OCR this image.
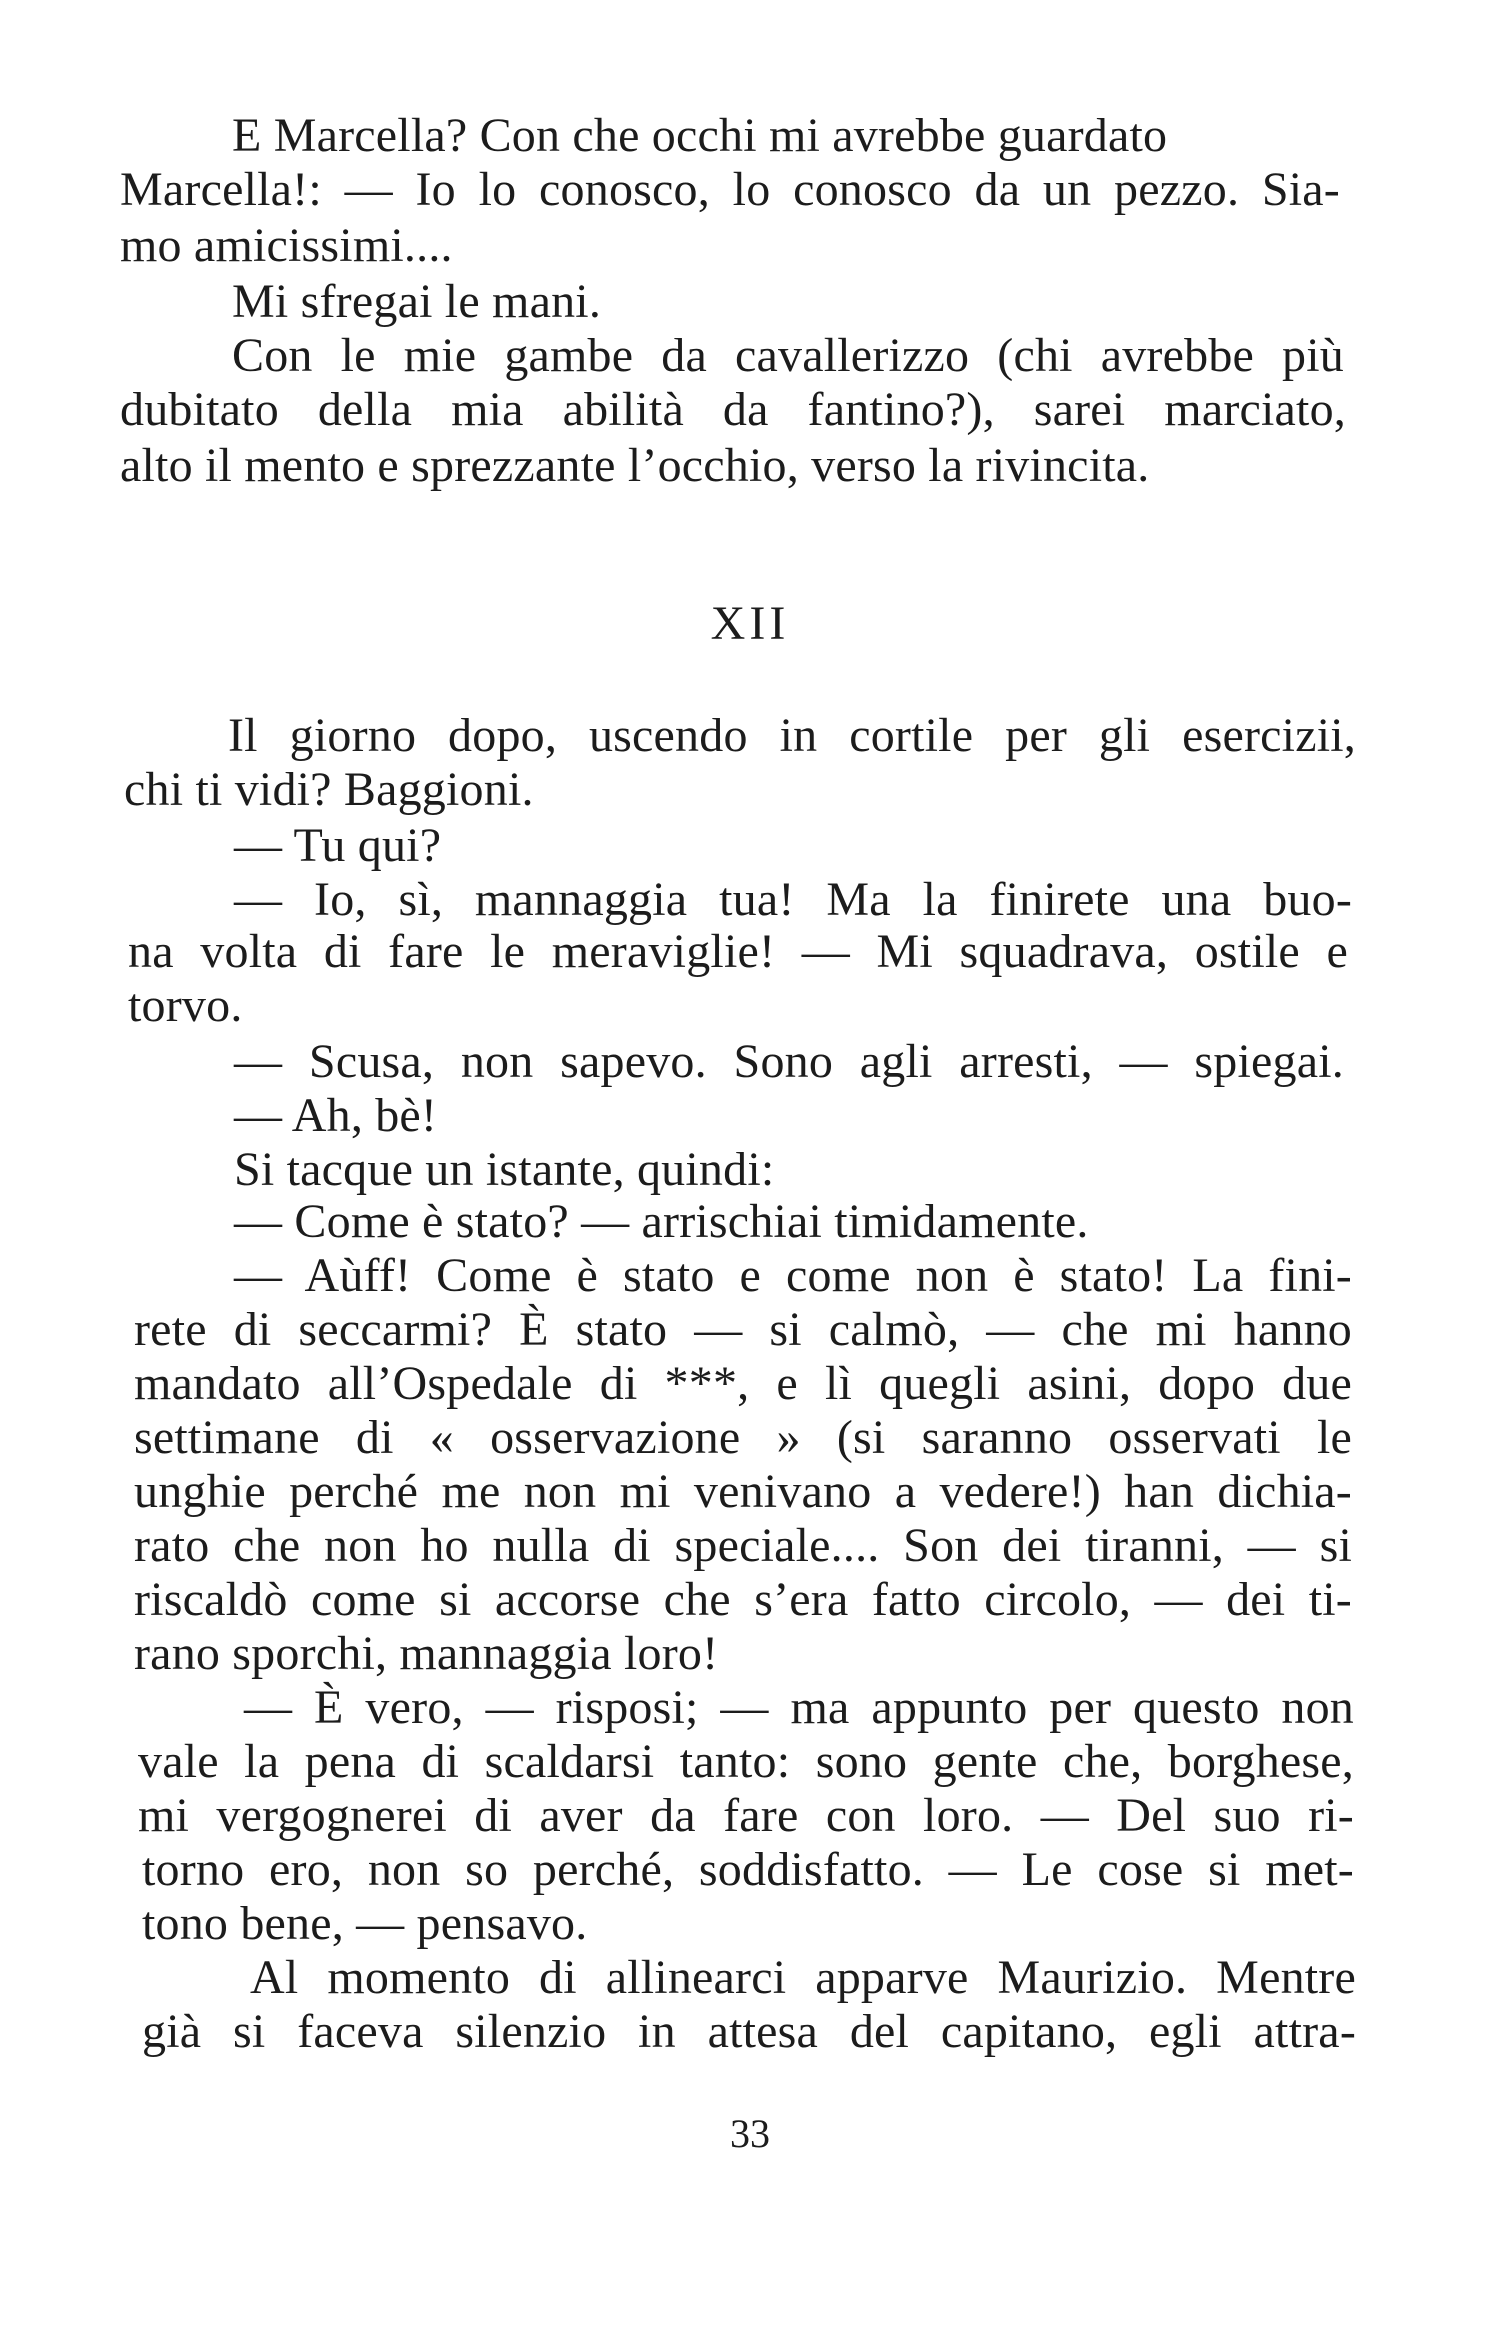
E Marcella? Con che occhi mi avrebbe guardato
Marcella!: — Io lo conosco, lo conosco da un pezzo. Sia-
mo amicissimi....
Mi sfregai le mani.
Con le mie gambe da cavallerizzo (chi avrebbe più
dubitato della mia abilità da fantino?), sarei marciato,
alto il mento e sprezzante l’occhio, verso la rivincita.
XII
Il giorno dopo, uscendo in cortile per gli esercizii,
chi ti vidi? Baggioni.
— Tu qui?
— Io, sì, mannaggia tua! Ma la finirete una buo-
na volta di fare le meraviglie! — Mi squadrava, ostile e
torvo.
— Scusa, non sapevo. Sono agli arresti, — spiegai.
— Ah, bè!
Si tacque un istante, quindi:
— Come è stato? — arrischiai timidamente.
— Aùff! Come è stato e come non è stato! La fini-
rete di seccarmi? È stato — si calmò, — che mi hanno
mandato all’Ospedale di ***, e lì quegli asini, dopo due
settimane di « osservazione » (si saranno osservati le
unghie perché me non mi venivano a vedere!) han dichia-
rato che non ho nulla di speciale.... Son dei tiranni, — si
riscaldò come si accorse che s’era fatto circolo, — dei ti-
rano sporchi, mannaggia loro!
— È vero, — risposi; — ma appunto per questo non
vale la pena di scaldarsi tanto: sono gente che, borghese,
mi vergognerei di aver da fare con loro. — Del suo ri-
torno ero, non so perché, soddisfatto. — Le cose si met-
tono bene, — pensavo.
Al momento di allinearci apparve Maurizio. Mentre
già si faceva silenzio in attesa del capitano, egli attra-
33
